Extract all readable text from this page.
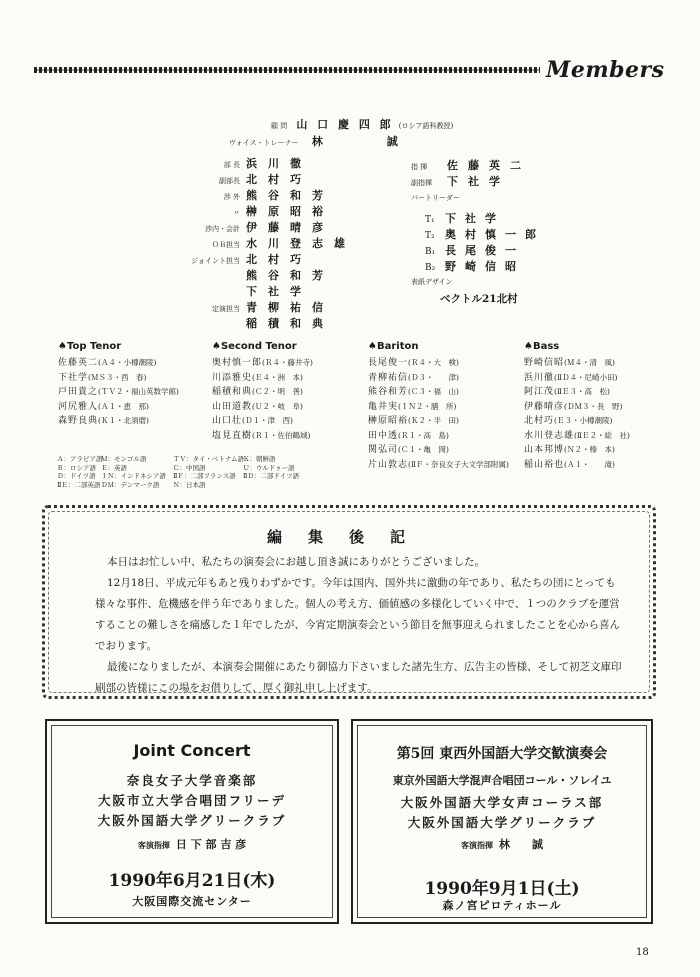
Members
顧 問 山 口 慶 四 郎 (ロシア語科教授)
ヴォイス・トレーナー 林　　誠
部 長 浜川徹
副部長 北村巧
渉 外 熊谷和芳
〃 榊原昭裕
渉内・会計 伊藤晴彦
ＯＢ担当 水川登志雄
ジョイント担当 北村巧
熊谷和芳
下社学
定演担当 青柳祐信
稲積和典
指 揮 佐藤英二
副指揮 下社学
パートリーダー
T₁ 下社学
T₂ 奥村慎一郎
B₁ 長尾俊一
B₂ 野崎信昭
表紙デザイン
ベクトル21北村
♠Top Tenor
佐藤英二(Ａ４・小樽潮陵)
下社学(ＭＳ３・西　春)
戸田貴之(ＴＶ２・福山英数学館)
河尻雅人(Ａ１・恵　那)
森野良典(Ｋ１・北須磨)
♠Second Tenor
奥村慎一郎(Ｒ４・藤井寺)
川添雅史(Ｅ４・洲　本)
稲積和典(Ｃ２・明　善)
山田道教(Ｕ２・岐　阜)
山口壮(Ｄ１・津　西)
塩見直樹(Ｒ１・佐伯鶴城)
♠Bariton
長尾俊一(Ｒ４・大　検)
青柳祐信(Ｄ３・　　津)
熊谷和芳(Ｃ３・福　山)
亀井実(ＩＮ２・膳　所)
榊原昭裕(Ｋ２・半　田)
田中透(Ｒ１・高　島)
関弘司(Ｃ１・亀　岡)
片山敦志(ⅡＦ・奈良女子大文学部附属)
♠Bass
野崎信昭(Ｍ４・清　風)
浜川徹(ⅡＤ４・尼崎小田)
阿江茂(ⅡＥ３・高　松)
伊藤晴彦(ＤＭ３・長　野)
北村巧(Ｅ３・小樽潮陵)
水川登志雄(ⅡＥ２・総　社)
山本邦博(Ｎ２・榛　本)
稲山裕也(Ａ１・　　滝)
Ａ：アラビア語Ｍ：モンゴル語	ＴＶ：タイ・ベトナム語Ｋ：朝鮮語
Ｒ：ロシア語 Ｅ：英語	Ｃ：中国語	Ｕ：ウルドゥー語
Ｄ：ドイツ語 ＩＮ：インドネシア語 ⅡＦ：二部フランス語 ⅡＤ：二部ドイツ語
ⅡＥ：二部英語ＤＭ：デンマーク語 Ｎ：日本語
編集後記
本日はお忙しい中、私たちの演奏会にお越し頂き誠にありがとうございました。
12月18日、平成元年もあと残りわずかです。今年は国内、国外共に激動の年であり、私たちの団にとっても様々な事件、危機感を伴う年でありました。個人の考え方、価値感の多様化していく中で、１つのクラブを運営することの難しさを痛感した１年でしたが、今宵定期演奏会という節目を無事迎えられましたことを心から喜んでおります。
最後になりましたが、本演奏会開催にあたり御協力下さいました諸先生方、広告主の皆様、そして初芝文庫印刷部の皆様にこの場をお借りして、厚く御礼申し上げます。
Joint Concert
奈良女子大学音楽部
大阪市立大学合唱団フリーデ
大阪外国語大学グリークラブ
客演指揮 日 下 部 吉 彦
1990年6月21日(木)
大阪国際交流センター
第5回 東西外国語大学交歓演奏会
東京外国語大学混声合唱団コール・ソレイユ
大阪外国語大学女声コーラス部
大阪外国語大学グリークラブ
客演指揮 林　　誠
1990年9月1日(土)
森ノ宮ピロティホール
18
